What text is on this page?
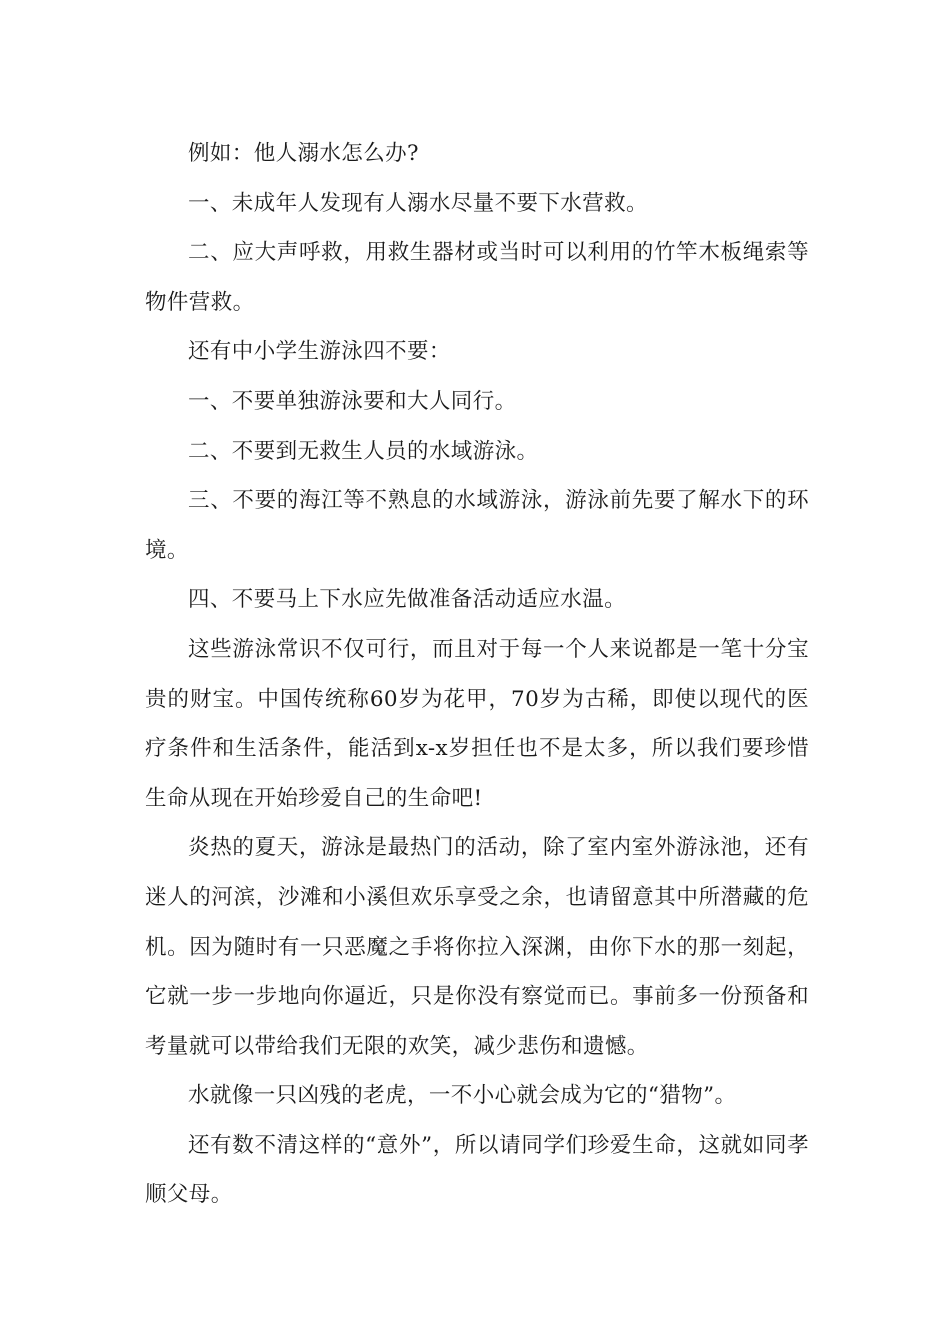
例如：他人溺水怎么办?

一、未成年人发现有人溺水尽量不要下水营救。

二、应大声呼救，用救生器材或当时可以利用的竹竿木板绳索等物件营救。

还有中小学生游泳四不要：

一、不要单独游泳要和大人同行。

二、不要到无救生人员的水域游泳。

三、不要的海江等不熟息的水域游泳，游泳前先要了解水下的环境。

四、不要马上下水应先做准备活动适应水温。

这些游泳常识不仅可行，而且对于每一个人来说都是一笔十分宝贵的财宝。中国传统称60岁为花甲，70岁为古稀，即使以现代的医疗条件和生活条件，能活到x-x岁担任也不是太多，所以我们要珍惜生命从现在开始珍爱自己的生命吧!

炎热的夏天，游泳是最热门的活动，除了室内室外游泳池，还有迷人的河滨，沙滩和小溪但欢乐享受之余，也请留意其中所潜藏的危机。因为随时有一只恶魔之手将你拉入深渊，由你下水的那一刻起，它就一步一步地向你逼近，只是你没有察觉而已。事前多一份预备和考量就可以带给我们无限的欢笑，减少悲伤和遗憾。

水就像一只凶残的老虎，一不小心就会成为它的“猎物”。

还有数不清这样的“意外”，所以请同学们珍爱生命，这就如同孝顺父母。
